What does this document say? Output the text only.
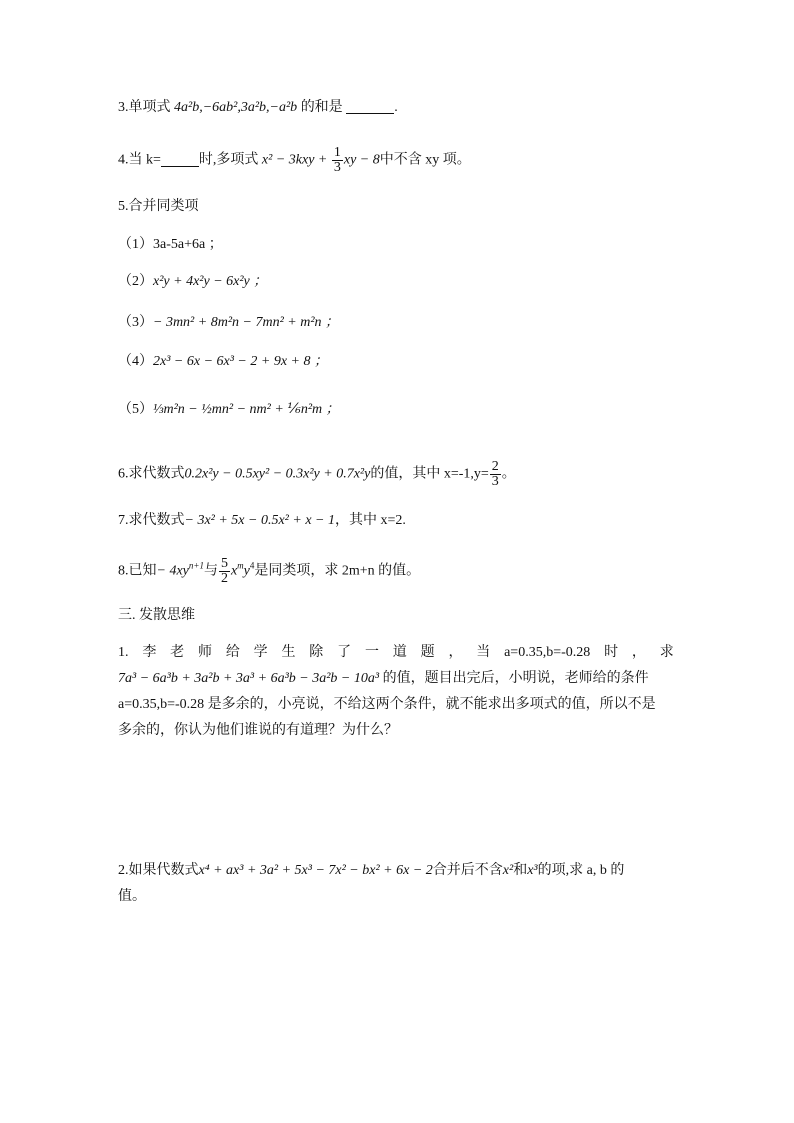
3.单项式 4a²b,−6ab²,3a²b,−a²b 的和是	.
4.当 k=	时,多项式 $x^2 - 3kxy + \frac{1}{3}$ xy − 8中不含 xy 项。
5.合并同类项
（1）3a-5a+6a ；
（2）x²y + 4x²y − 6x²y ；
（3）− 3mn² + 8m²n − 7mn² + m²n ；
（4）2x³ − 6x − 6x³ − 2 + 9x + 8 ；
（5）⅓m²n − ½mn² − nm² + ⅙n²m ；
6.求代数式0.2x²y − 0.5xy² − 0.3x²y + 0.7x²y的值，其中 $x=-1,y= \frac{2}{3}$ 。
7.求代数式− 3x² + 5x − 0.5x² + x − 1，其中 x=2.
8.已知− $4xy^{n+1}$与 $\frac{5}{2} x^my^4$是同类项，求 2m+n 的值。
三. 发散思维
1. 李 老 师 给 学 生 除 了 一 道 题 ， 当 a=0.35,b=-0.28 时 ， 求
7a³ − 6a³b + 3a²b + 3a³ + 6a³b − 3a²b − 10a³ 的值，题目出完后，小明说，老师给的条件
a=0.35,b=-0.28 是多余的，小亮说，不给这两个条件，就不能求出多项式的值，所以不是
多余的，你认为他们谁说的有道理？为什么？
2.如果代数式x⁴ + ax³ + 3a² + 5x³ − 7x² − bx² + 6x − 2合并后不含x²和x³的项,求 a, b 的
值。
